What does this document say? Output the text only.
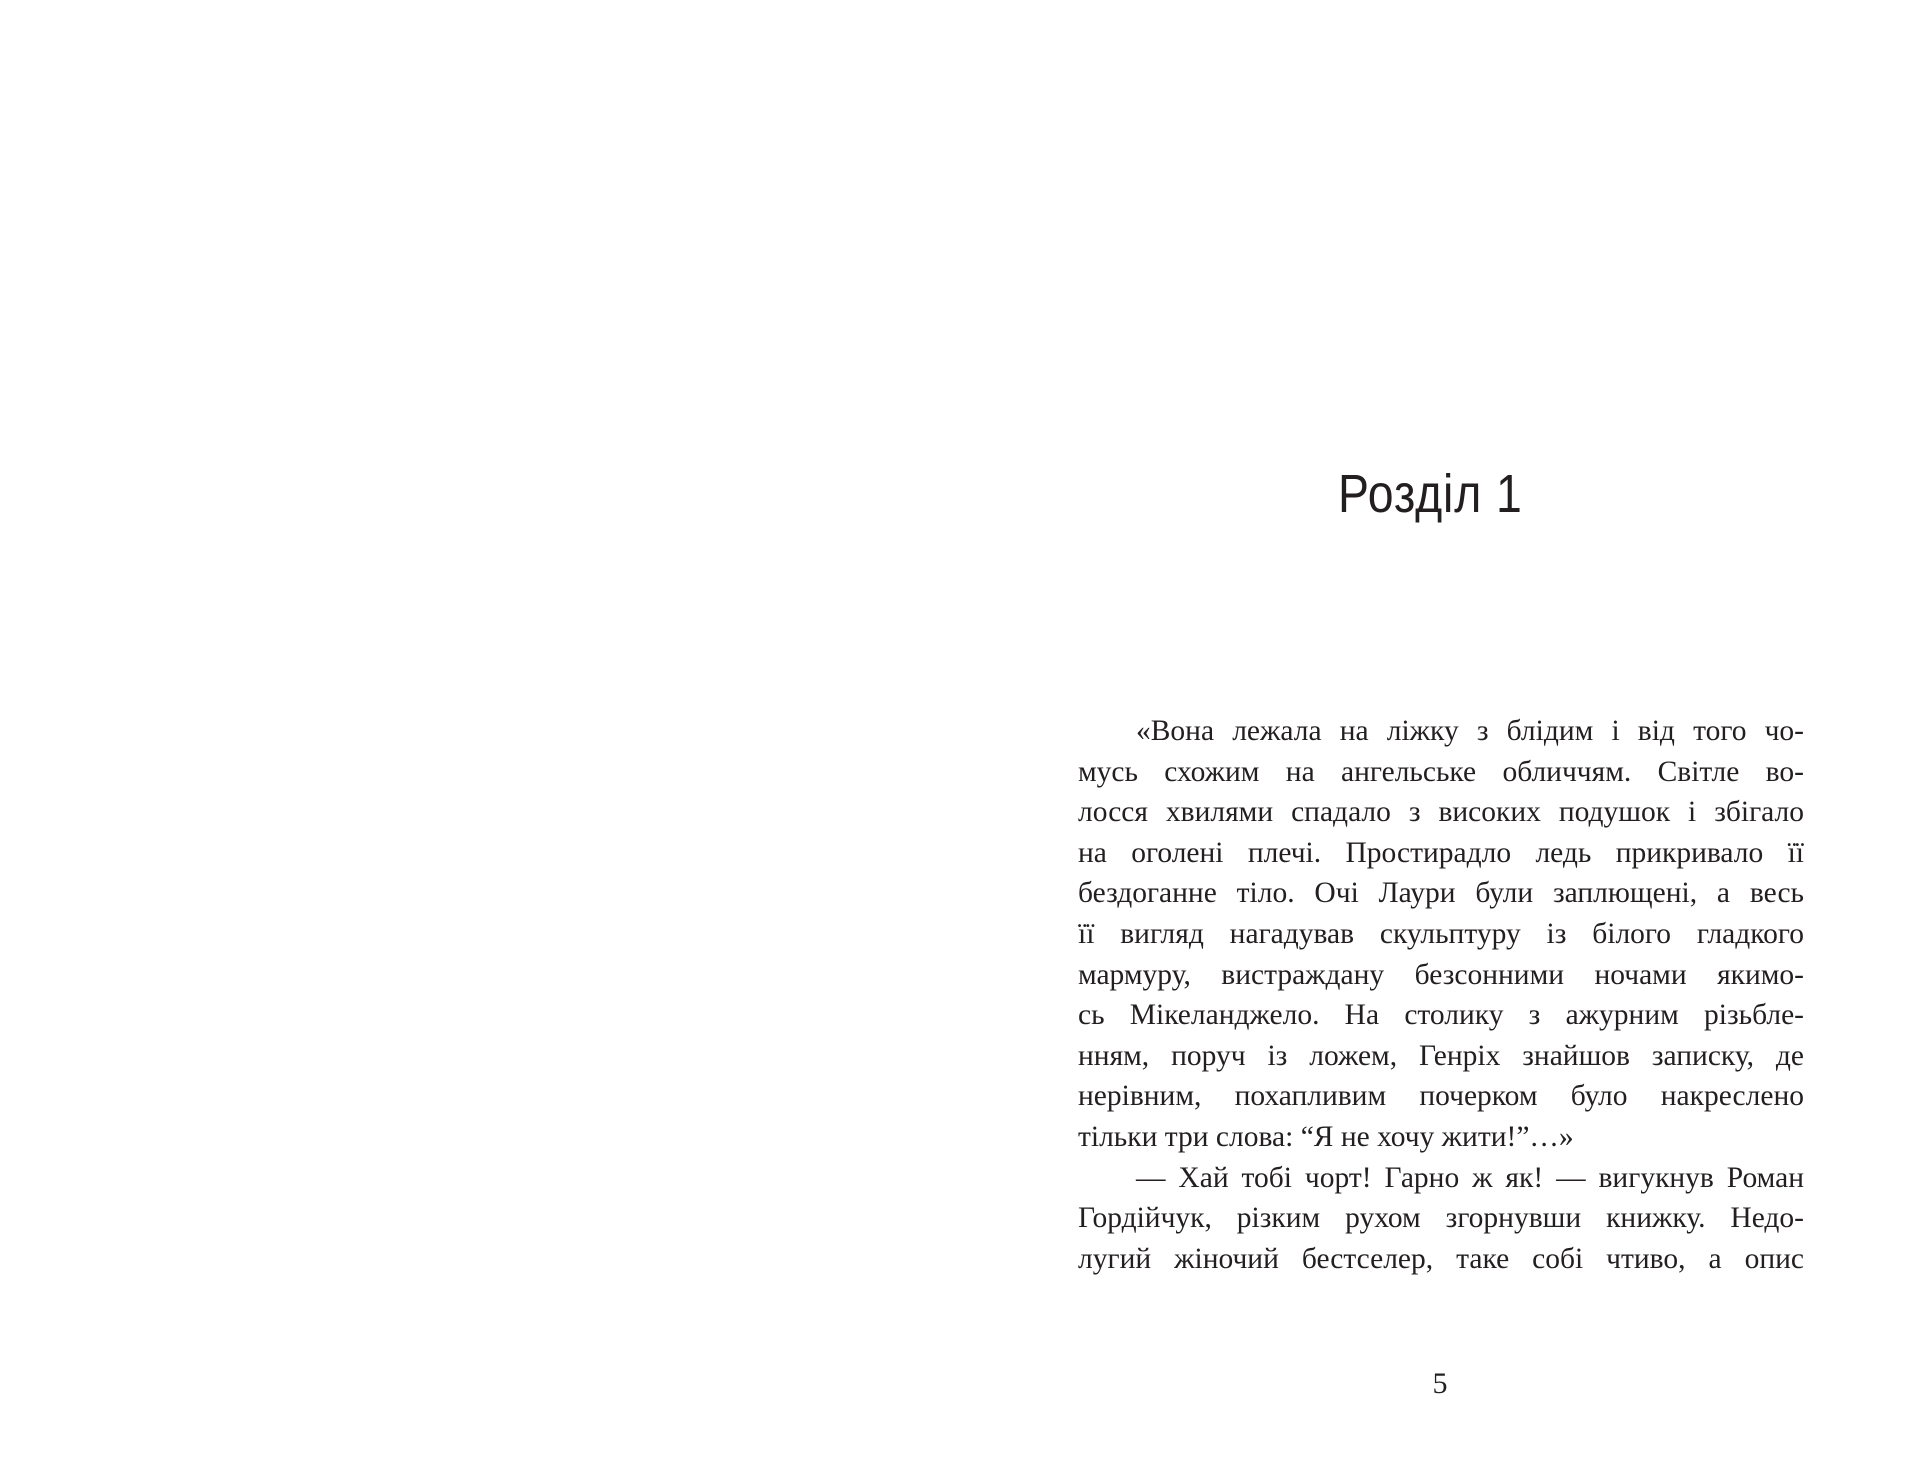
Розділ 1
«Вона лежала на ліжку з блідим і від того чо-
мусь схожим на ангельське обличчям. Світле во-
лосся хвилями спадало з високих подушок і збігало
на оголені плечі. Простирадло ледь прикривало її
бездоганне тіло. Очі Лаури були заплющені, а весь
її вигляд нагадував скульптуру із білого гладкого
мармуру, вистраждану безсонними ночами якимо-
сь Мікеланджело. На столику з ажурним різьбле-
нням, поруч із ложем, Генріх знайшов записку, де
нерівним, похапливим почерком було накреслено
тільки три слова: “Я не хочу жити!”…»
— Хай тобі чорт! Гарно ж як! — вигукнув Роман
Гордійчук, різким рухом згорнувши книжку. Недо-
лугий жіночий бестселер, таке собі чтиво, а опис
5
